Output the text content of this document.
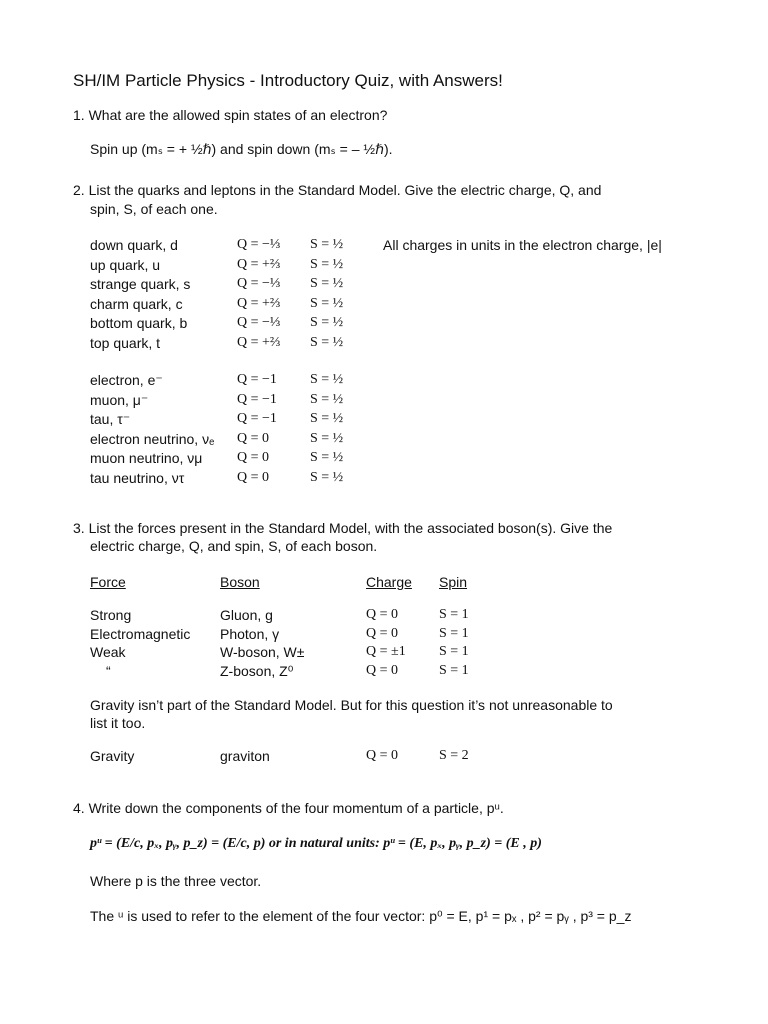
SH/IM Particle Physics - Introductory Quiz, with Answers!
1. What are the allowed spin states of an electron?
Spin up (mₛ = + ½ℏ) and spin down (mₛ = – ½ℏ).
2. List the quarks and leptons in the Standard Model. Give the electric charge, Q, and
spin, S, of each one.
All charges in units in the electron charge, |e|
down quark, d	Q = −⅓ S = ½
up quark, u	Q = +⅔ S = ½
strange quark, s	Q = −⅓ S = ½
charm quark, c	Q = +⅔ S = ½
bottom quark, b	Q = −⅓ S = ½
top quark, t	Q = +⅔ S = ½
electron, e⁻	Q = −1 S = ½
muon, μ⁻	Q = −1 S = ½
tau, τ⁻	Q = −1 S = ½
electron neutrino, νₑ Q = 0	S = ½
muon neutrino, νμ Q = 0	S = ½
tau neutrino, ντ	Q = 0	S = ½
3. List the forces present in the Standard Model, with the associated boson(s). Give the
electric charge, Q, and spin, S, of each boson.
Force	Boson	Charge Spin
Strong	Gluon, g	Q = 0	S = 1
Electromagnetic Photon, γ	Q = 0	S = 1
Weak	W-boson, W±	Q = ±1 S = 1
“	Z-boson, Z⁰	Q = 0	S = 1
Gravity isn’t part of the Standard Model. But for this question it’s not unreasonable to
list it too.
Gravity	graviton	Q = 0	S = 2
4. Write down the components of the four momentum of a particle, pᵘ.
pᵘ = (E/c, pₓ, pᵧ, p_z) = (E/c, p) or in natural units: pᵘ = (E, pₓ, pᵧ, p_z) = (E , p)
Where p is the three vector.
The ᵘ is used to refer to the element of the four vector: p⁰ = E, p¹ = pₓ , p² = pᵧ , p³ = p_z
